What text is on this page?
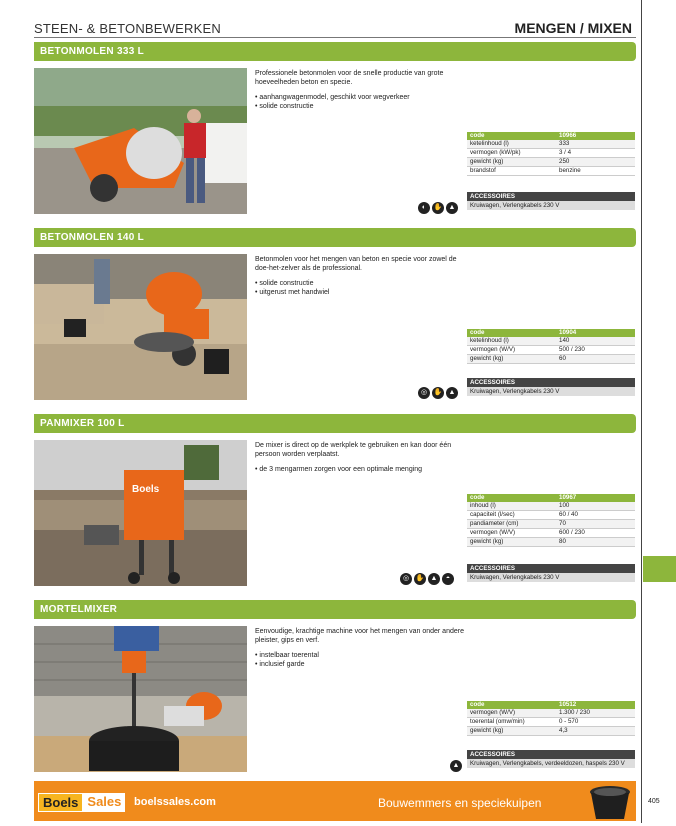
STEEN- & BETONBEWERKEN	MENGEN / MIXEN
BETONMOLEN 333 L

Professionele betonmolen voor de snelle productie van grote hoeveelheden beton en specie.

• aanhangwagenmodel, geschikt voor wegverkeer
• solide constructie
code	10966
ketelinhoud (l)	333
vermogen (kW/pk)	3 / 4
gewicht (kg)	250
brandstof	benzine
ACCESSOIRES
Kruiwagen, Verlengkabels 230 V
◐	✋ ▲
BETONMOLEN 140 L

Betonmolen voor het mengen van beton en specie voor zowel de doe-het-zelver als de professional.

• solide constructie
• uitgerust met handwiel
code	10904
ketelinhoud (l)	140
vermogen (W/V)	500 / 230
gewicht (kg)	60
ACCESSOIRES
Kruiwagen, Verlengkabels 230 V
◎ ✋ ▲
PANMIXER 100 L
Boels

De mixer is direct op de werkplek te gebruiken en kan door één persoon worden verplaatst.

• de 3 mengarmen zorgen voor een optimale menging
code	10967
inhoud (l)	100
capaciteit (l/sec)	60 / 40
pandiameter (cm)	70
vermogen (W/V)	600 / 230
gewicht (kg)	80
ACCESSOIRES
Kruiwagen, Verlengkabels 230 V
◎ ✋ ▲	◓
MORTELMIXER

Eenvoudige, krachtige machine voor het mengen van onder andere pleister, gips en verf.

• instelbaar toerental
• inclusief garde
code	10512
vermogen (W/V)	1.300 / 230
toerental (omw/min)	0 - 570
gewicht (kg)	4,3
ACCESSOIRES
Kruiwagen, Verlengkabels, verdeeldozen, haspels 230 V
▲
Boels Sales	boelssales.com	Bouwemmers en speciekuipen	405
